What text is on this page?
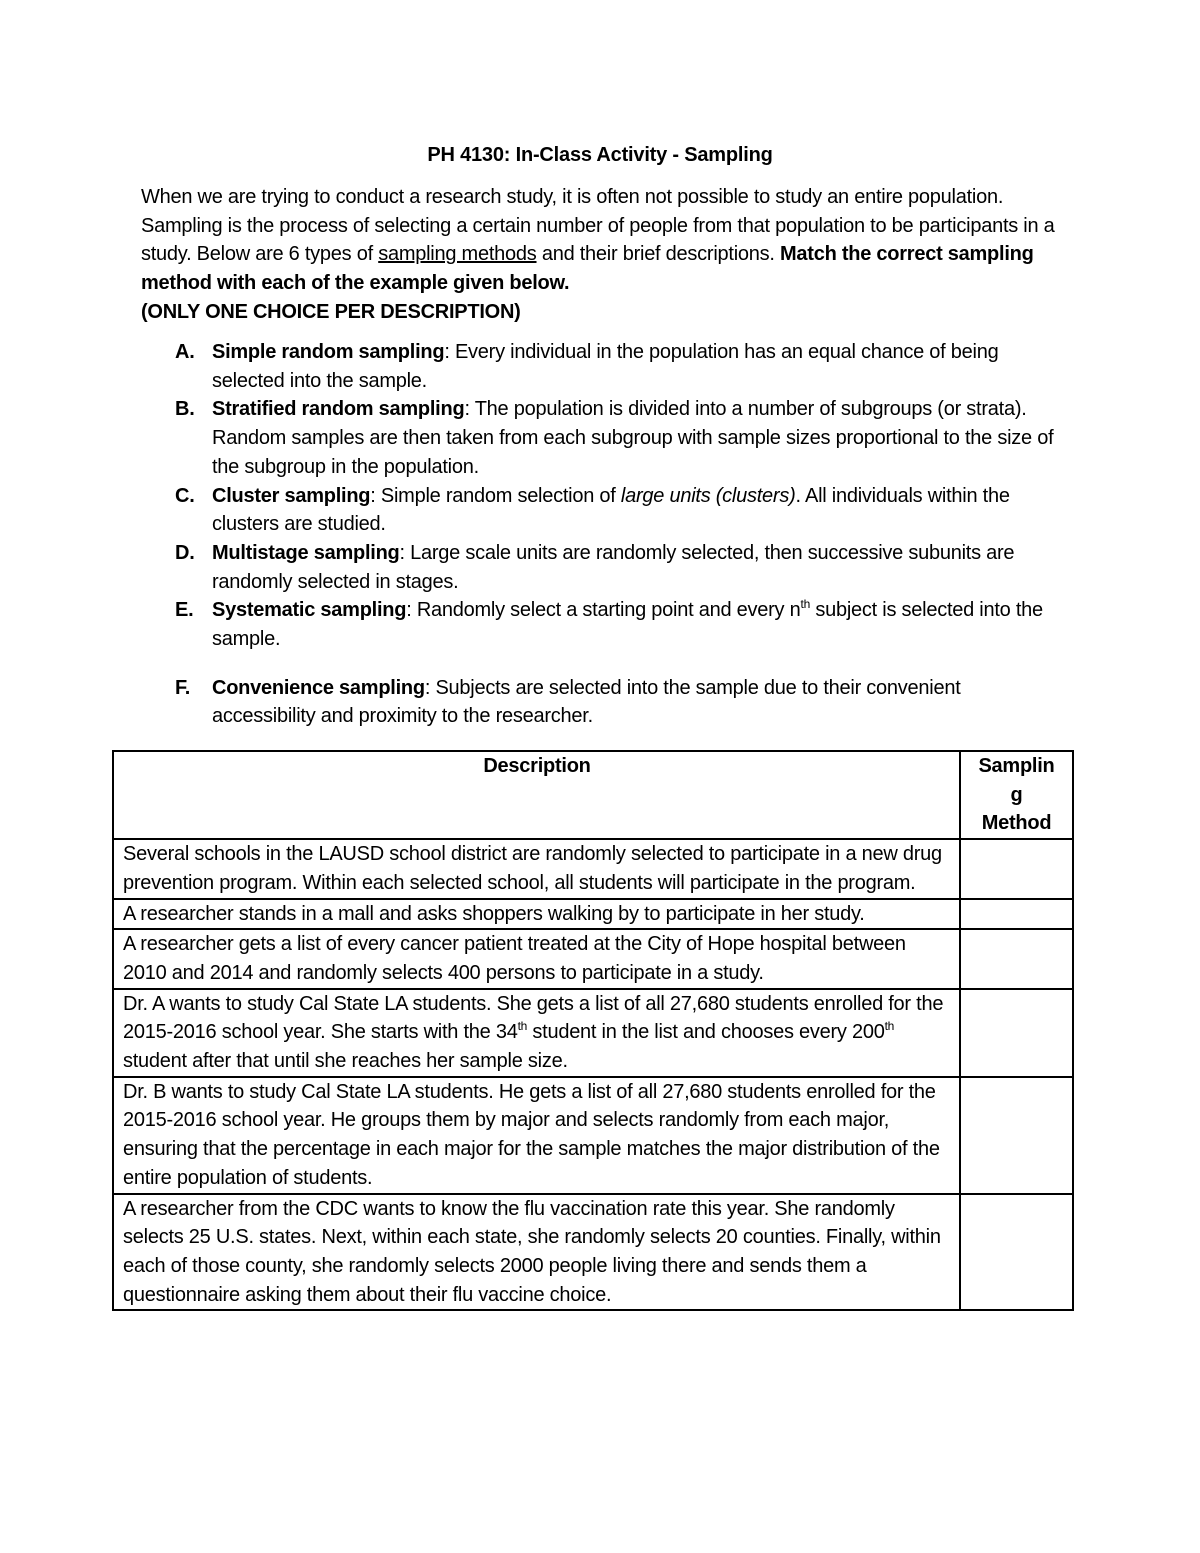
PH 4130: In-Class Activity - Sampling

When we are trying to conduct a research study, it is often not possible to study an entire population. Sampling is the process of selecting a certain number of people from that population to be participants in a study. Below are 6 types of sampling methods and their brief descriptions. Match the correct sampling method with each of the example given below.

(ONLY ONE CHOICE PER DESCRIPTION)

A. Simple random sampling: Every individual in the population has an equal chance of being selected into the sample.
B. Stratified random sampling: The population is divided into a number of subgroups (or strata). Random samples are then taken from each subgroup with sample sizes proportional to the size of the subgroup in the population.
C. Cluster sampling: Simple random selection of large units (clusters). All individuals within the clusters are studied.
D. Multistage sampling: Large scale units are randomly selected, then successive subunits are randomly selected in stages.
E. Systematic sampling: Randomly select a starting point and every $n^{th}$ subject is selected into the sample.
F. Convenience sampling: Subjects are selected into the sample due to their convenient accessibility and proximity to the researcher.
Description	Samplin
g
Method
Several schools in the LAUSD school district are randomly selected to participate in a new drug prevention program. Within each selected school, all students will participate in the program.	
A researcher stands in a mall and asks shoppers walking by to participate in her study.	
A researcher gets a list of every cancer patient treated at the City of Hope hospital between 2010 and 2014 and randomly selects 400 persons to participate in a study.	
Dr. A wants to study Cal State LA students. She gets a list of all 27,680 students enrolled for the 2015-2016 school year. She starts with the 34th student in the list and chooses every 200th student after that until she reaches her sample size.	
Dr. B wants to study Cal State LA students. He gets a list of all 27,680 students enrolled for the 2015-2016 school year. He groups them by major and selects randomly from each major, ensuring that the percentage in each major for the sample matches the major distribution of the entire population of students.	
A researcher from the CDC wants to know the flu vaccination rate this year. She randomly selects 25 U.S. states. Next, within each state, she randomly selects 20 counties. Finally, within each of those county, she randomly selects 2000 people living there and sends them a questionnaire asking them about their flu vaccine choice.	
